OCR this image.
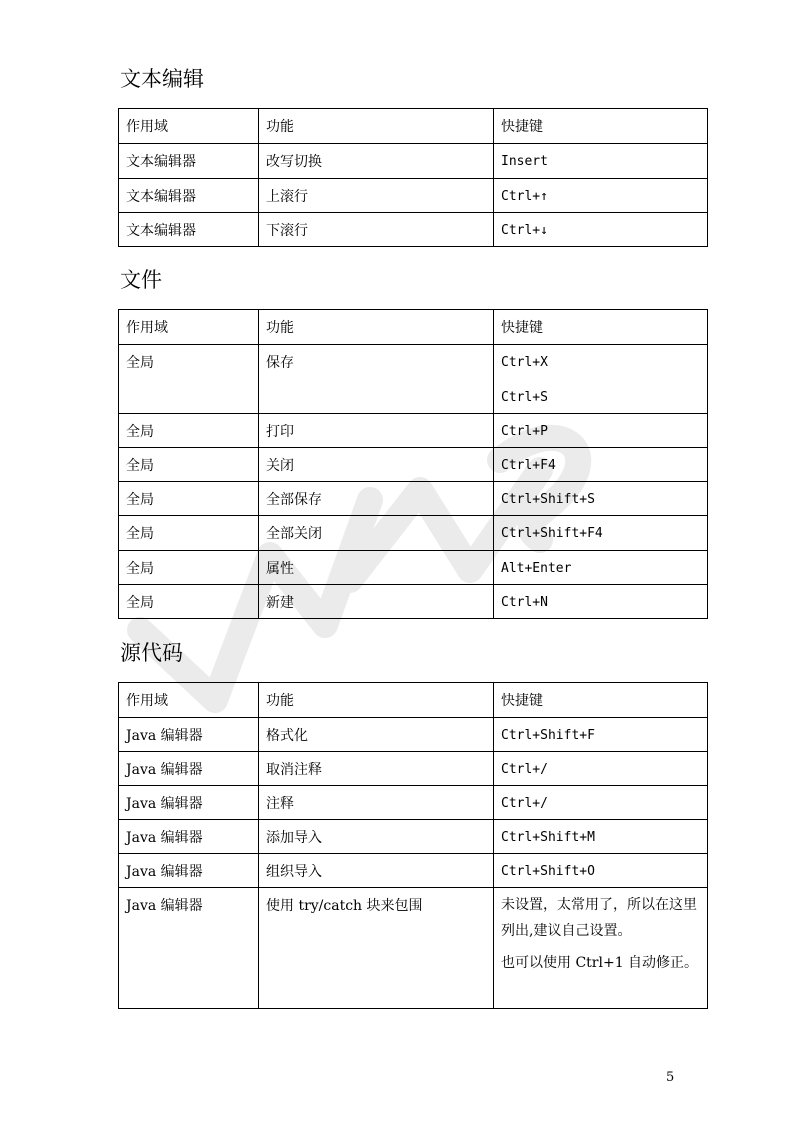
文本编辑
作用域	功能	快捷键

文本编辑器	改写切换	Insert

文本编辑器	上滚行	Ctrl+↑

文本编辑器	下滚行	Ctrl+↓
文件
作用域	功能	快捷键

全局	保存	Ctrl+X
Ctrl+S

全局	打印	Ctrl+P

全局	关闭	Ctrl+F4

全局	全部保存	Ctrl+Shift+S

全局	全部关闭	Ctrl+Shift+F4

全局	属性	Alt+Enter

全局	新建	Ctrl+N
源代码
作用域	功能	快捷键

Java 编辑器	格式化	Ctrl+Shift+F

Java 编辑器	取消注释	Ctrl+/

Java 编辑器	注释	Ctrl+/

Java 编辑器	添加导入	Ctrl+Shift+M

Java 编辑器	组织导入	Ctrl+Shift+O

Java 编辑器	使用 try/catch 块来包围	未设置，太常用了，所以在这里列出,建议自己设置。
也可以使用 Ctrl+1 自动修正。
5
